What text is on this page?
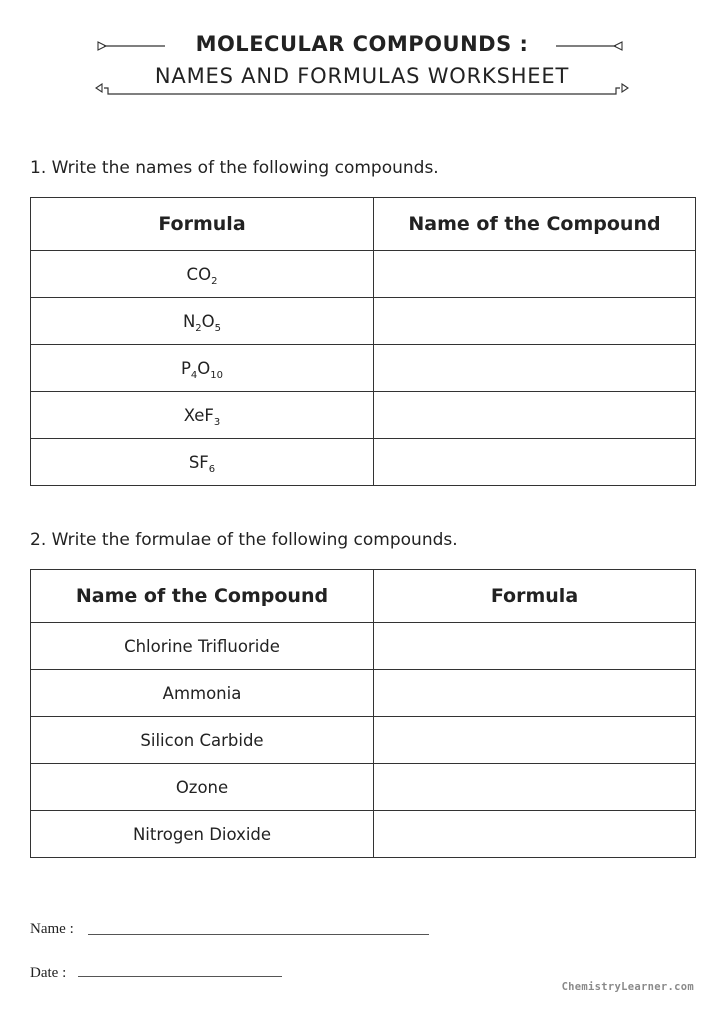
MOLECULAR COMPOUNDS :
NAMES AND FORMULAS WORKSHEET
1. Write the names of the following compounds.
Formula	Name of the Compound
$CO_2$	
$N_2O_5$	
$P_4O_{10}$	
XeF$_3$	
$SF_6$	
2. Write the formulae of the following compounds.
Name of the Compound	Formula
Chlorine Trifluoride	
Ammonia	
Silicon Carbide	
Ozone	
Nitrogen Dioxide	
Name :
Date :
ChemistryLearner.com
